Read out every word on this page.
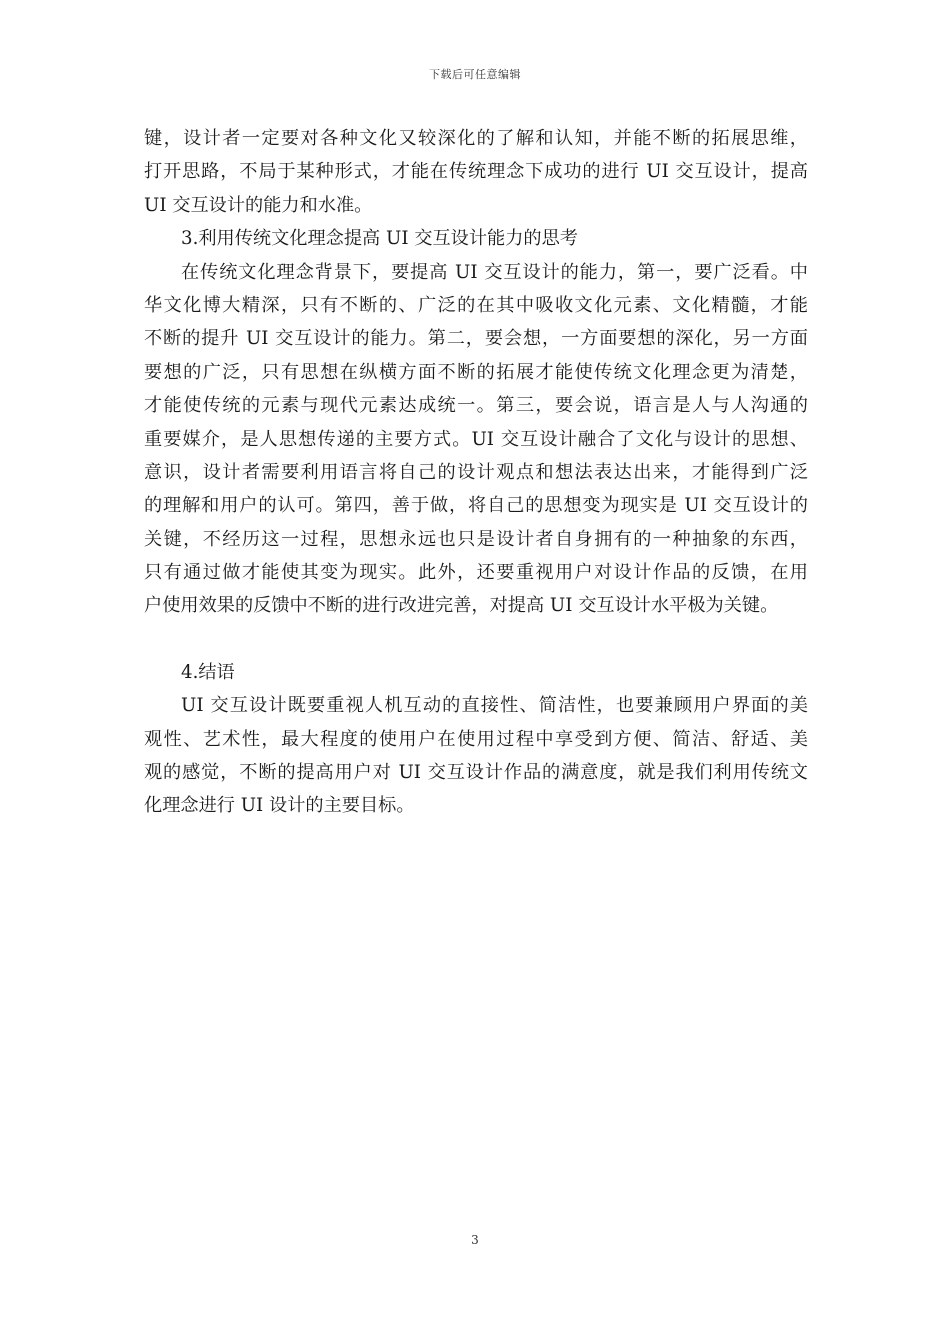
下载后可任意编辑
键，设计者一定要对各种文化又较深化的了解和认知，并能不断的拓展思维，
打开思路，不局于某种形式，才能在传统理念下成功的进行 UI 交互设计，提高
UI 交互设计的能力和水准。
3.利用传统文化理念提高 UI 交互设计能力的思考
在传统文化理念背景下，要提高 UI 交互设计的能力，第一，要广泛看。中
华文化博大精深，只有不断的、广泛的在其中吸收文化元素、文化精髓，才能
不断的提升 UI 交互设计的能力。第二，要会想，一方面要想的深化，另一方面
要想的广泛，只有思想在纵横方面不断的拓展才能使传统文化理念更为清楚，
才能使传统的元素与现代元素达成统一。第三，要会说，语言是人与人沟通的
重要媒介，是人思想传递的主要方式。UI 交互设计融合了文化与设计的思想、
意识，设计者需要利用语言将自己的设计观点和想法表达出来，才能得到广泛
的理解和用户的认可。第四，善于做，将自己的思想变为现实是 UI 交互设计的
关键，不经历这一过程，思想永远也只是设计者自身拥有的一种抽象的东西，
只有通过做才能使其变为现实。此外，还要重视用户对设计作品的反馈，在用
户使用效果的反馈中不断的进行改进完善，对提高 UI 交互设计水平极为关键。
4.结语
UI 交互设计既要重视人机互动的直接性、简洁性，也要兼顾用户界面的美
观性、艺术性，最大程度的使用户在使用过程中享受到方便、简洁、舒适、美
观的感觉，不断的提高用户对 UI 交互设计作品的满意度，就是我们利用传统文
化理念进行 UI 设计的主要目标。
3
